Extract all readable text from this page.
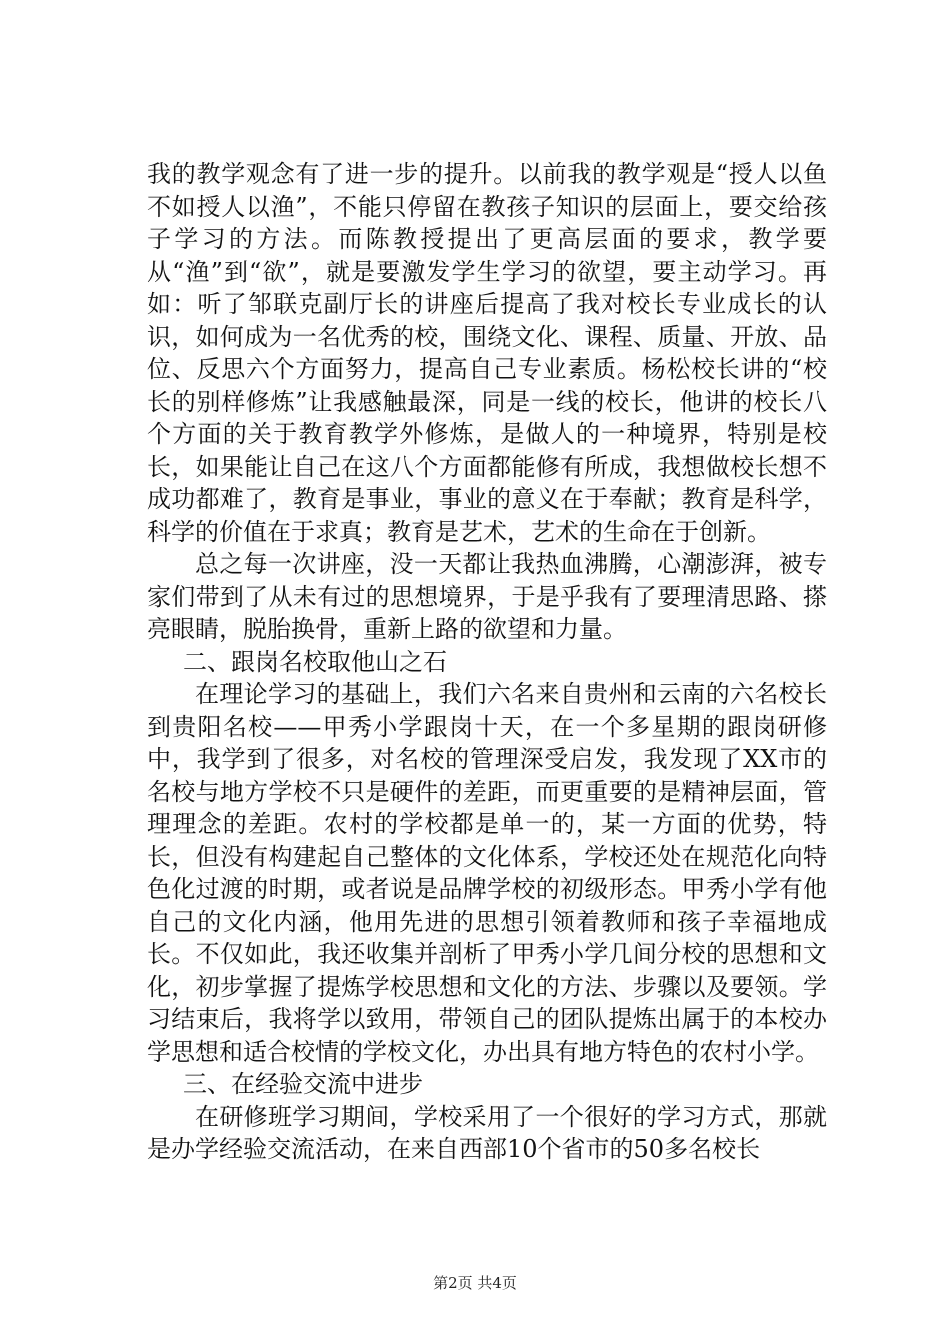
我的教学观念有了进一步的提升。以前我的教学观是“授人以鱼不如授人以渔”，不能只停留在教孩子知识的层面上，要交给孩子学习的方法。而陈教授提出了更高层面的要求，教学要从“渔”到“欲”，就是要激发学生学习的欲望，要主动学习。再如：听了邹联克副厅长的讲座后提高了我对校长专业成长的认识，如何成为一名优秀的校，围绕文化、课程、质量、开放、品位、反思六个方面努力，提高自己专业素质。杨松校长讲的“校长的别样修炼”让我感触最深，同是一线的校长，他讲的校长八个方面的关于教育教学外修炼，是做人的一种境界，特别是校长，如果能让自己在这八个方面都能修有所成，我想做校长想不成功都难了，教育是事业，事业的意义在于奉献；教育是科学，科学的价值在于求真；教育是艺术，艺术的生命在于创新。

总之每一次讲座，没一天都让我热血沸腾，心潮澎湃，被专家们带到了从未有过的思想境界，于是乎我有了要理清思路、搽亮眼睛，脱胎换骨，重新上路的欲望和力量。

二、跟岗名校取他山之石

在理论学习的基础上，我们六名来自贵州和云南的六名校长到贵阳名校——甲秀小学跟岗十天，在一个多星期的跟岗研修中，我学到了很多，对名校的管理深受启发，我发现了XX市的名校与地方学校不只是硬件的差距，而更重要的是精神层面，管理理念的差距。农村的学校都是单一的，某一方面的优势，特长，但没有构建起自己整体的文化体系，学校还处在规范化向特色化过渡的时期，或者说是品牌学校的初级形态。甲秀小学有他自己的文化内涵，他用先进的思想引领着教师和孩子幸福地成长。不仅如此，我还收集并剖析了甲秀小学几间分校的思想和文化，初步掌握了提炼学校思想和文化的方法、步骤以及要领。学习结束后，我将学以致用，带领自己的团队提炼出属于的本校办学思想和适合校情的学校文化，办出具有地方特色的农村小学。

三、在经验交流中进步

在研修班学习期间，学校采用了一个很好的学习方式，那就是办学经验交流活动，在来自西部10个省市的50多名校长

第2页 共4页
